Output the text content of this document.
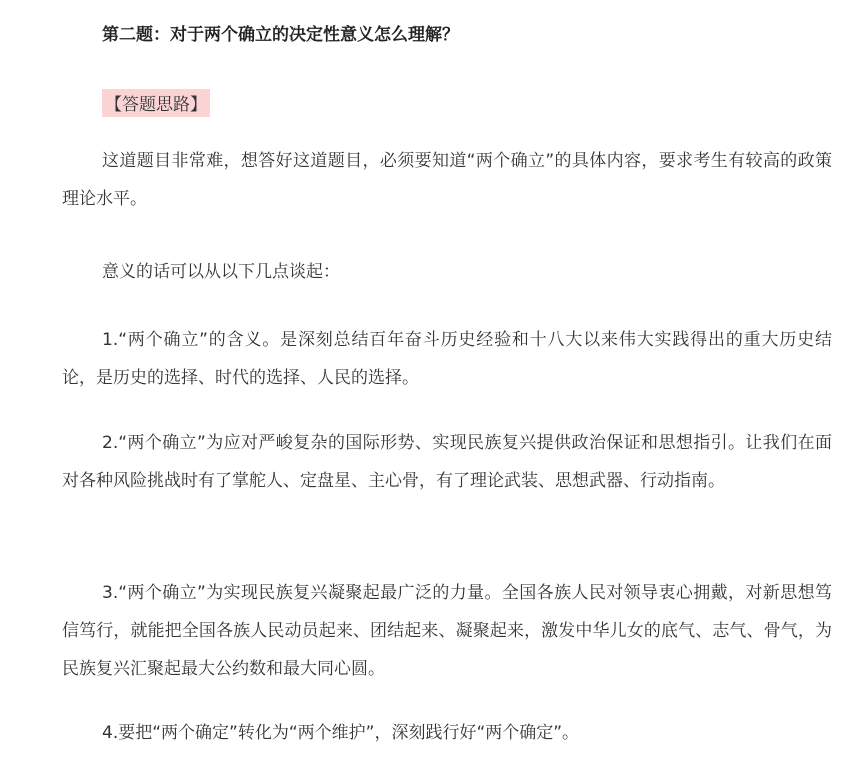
第二题：对于两个确立的决定性意义怎么理解？
【答题思路】

这道题目非常难，想答好这道题目，必须要知道“两个确立”的具体内容，要求考生有较高的政策理论水平。

意义的话可以从以下几点谈起：

1.“两个确立”的含义。是深刻总结百年奋斗历史经验和十八大以来伟大实践得出的重大历史结论，是历史的选择、时代的选择、人民的选择。

2.“两个确立”为应对严峻复杂的国际形势、实现民族复兴提供政治保证和思想指引。让我们在面对各种风险挑战时有了掌舵人、定盘星、主心骨，有了理论武装、思想武器、行动指南。

3.“两个确立”为实现民族复兴凝聚起最广泛的力量。全国各族人民对领导衷心拥戴，对新思想笃信笃行，就能把全国各族人民动员起来、团结起来、凝聚起来，激发中华儿女的底气、志气、骨气，为民族复兴汇聚起最大公约数和最大同心圆。

4.要把“两个确定”转化为“两个维护”，深刻践行好“两个确定”。
